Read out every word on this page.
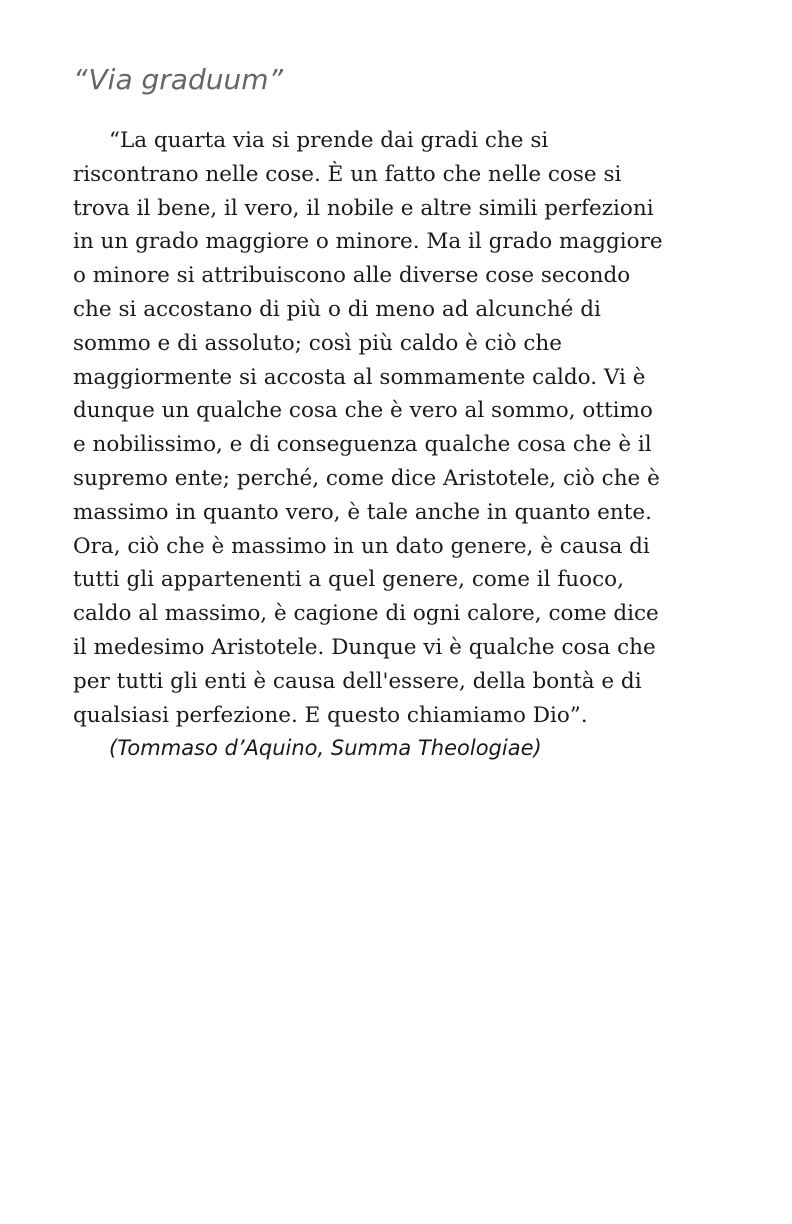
“Via graduum”
“La quarta via si prende dai gradi che si
riscontrano nelle cose. È un fatto che nelle cose si
trova il bene, il vero, il nobile e altre simili perfezioni
in un grado maggiore o minore. Ma il grado maggiore
o minore si attribuiscono alle diverse cose secondo
che si accostano di più o di meno ad alcunché di
sommo e di assoluto; così più caldo è ciò che
maggiormente si accosta al sommamente caldo. Vi è
dunque un qualche cosa che è vero al sommo, ottimo
e nobilissimo, e di conseguenza qualche cosa che è il
supremo ente; perché, come dice Aristotele, ciò che è
massimo in quanto vero, è tale anche in quanto ente.
Ora, ciò che è massimo in un dato genere, è causa di
tutti gli appartenenti a quel genere, come il fuoco,
caldo al massimo, è cagione di ogni calore, come dice
il medesimo Aristotele. Dunque vi è qualche cosa che
per tutti gli enti è causa dell'essere, della bontà e di
qualsiasi perfezione. E questo chiamiamo Dio”.
(Tommaso d’Aquino, Summa Theologiae)
